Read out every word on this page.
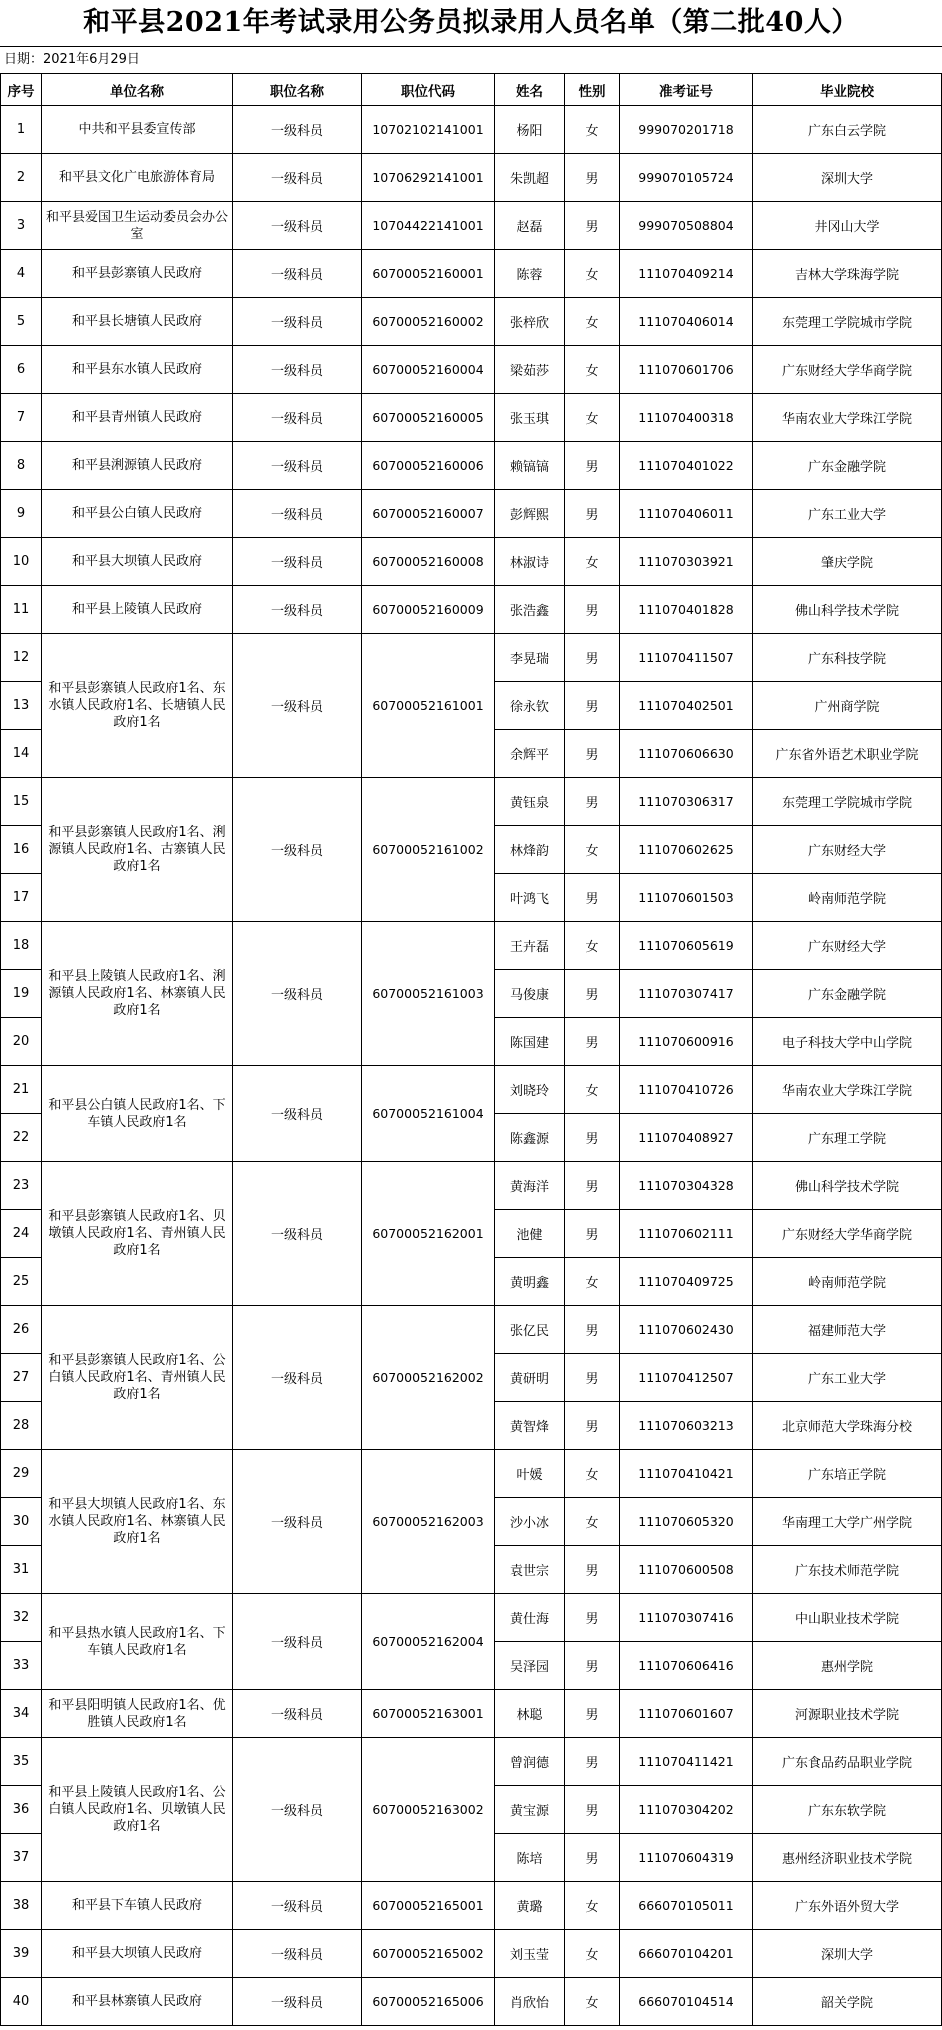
和平县2021年考试录用公务员拟录用人员名单（第二批40人）
日期：2021年6月29日
序号	单位名称	职位名称	职位代码	姓名	性别	准考证号	毕业院校
1	中共和平县委宣传部	一级科员	10702102141001	杨阳	女	999070201718	广东白云学院
2	和平县文化广电旅游体育局	一级科员	10706292141001	朱凯超	男	999070105724	深圳大学
3	和平县爱国卫生运动委员会办公室	一级科员	10704422141001	赵磊	男	999070508804	井冈山大学
4	和平县彭寨镇人民政府	一级科员	60700052160001	陈蓉	女	111070409214	吉林大学珠海学院
5	和平县长塘镇人民政府	一级科员	60700052160002	张梓欣	女	111070406014	东莞理工学院城市学院
6	和平县东水镇人民政府	一级科员	60700052160004	梁茹莎	女	111070601706	广东财经大学华商学院
7	和平县青州镇人民政府	一级科员	60700052160005	张玉琪	女	111070400318	华南农业大学珠江学院
8	和平县浰源镇人民政府	一级科员	60700052160006	赖镐镐	男	111070401022	广东金融学院
9	和平县公白镇人民政府	一级科员	60700052160007	彭辉熙	男	111070406011	广东工业大学
10	和平县大坝镇人民政府	一级科员	60700052160008	林淑诗	女	111070303921	肇庆学院
11	和平县上陵镇人民政府	一级科员	60700052160009	张浩鑫	男	111070401828	佛山科学技术学院
12	和平县彭寨镇人民政府1名、东水镇人民政府1名、长塘镇人民政府1名	一级科员	60700052161001	李晃瑞	男	111070411507	广东科技学院
13				徐永钦	男	111070402501	广州商学院
14				余辉平	男	111070606630	广东省外语艺术职业学院
15	和平县彭寨镇人民政府1名、浰源镇人民政府1名、古寨镇人民政府1名	一级科员	60700052161002	黄钰泉	男	111070306317	东莞理工学院城市学院
16				林烽韵	女	111070602625	广东财经大学
17				叶鸿飞	男	111070601503	岭南师范学院
18	和平县上陵镇人民政府1名、浰源镇人民政府1名、林寨镇人民政府1名	一级科员	60700052161003	王卉磊	女	111070605619	广东财经大学
19				马俊康	男	111070307417	广东金融学院
20				陈国建	男	111070600916	电子科技大学中山学院
21	和平县公白镇人民政府1名、下车镇人民政府1名	一级科员	60700052161004	刘晓玲	女	111070410726	华南农业大学珠江学院
22				陈鑫源	男	111070408927	广东理工学院
23	和平县彭寨镇人民政府1名、贝墩镇人民政府1名、青州镇人民政府1名	一级科员	60700052162001	黄海洋	男	111070304328	佛山科学技术学院
24				池健	男	111070602111	广东财经大学华商学院
25				黄明鑫	女	111070409725	岭南师范学院
26	和平县彭寨镇人民政府1名、公白镇人民政府1名、青州镇人民政府1名	一级科员	60700052162002	张亿民	男	111070602430	福建师范大学
27				黄研明	男	111070412507	广东工业大学
28				黄智烽	男	111070603213	北京师范大学珠海分校
29	和平县大坝镇人民政府1名、东水镇人民政府1名、林寨镇人民政府1名	一级科员	60700052162003	叶媛	女	111070410421	广东培正学院
30				沙小冰	女	111070605320	华南理工大学广州学院
31				袁世宗	男	111070600508	广东技术师范学院
32	和平县热水镇人民政府1名、下车镇人民政府1名	一级科员	60700052162004	黄仕海	男	111070307416	中山职业技术学院
33				吴泽园	男	111070606416	惠州学院
34	和平县阳明镇人民政府1名、优胜镇人民政府1名	一级科员	60700052163001	林聪	男	111070601607	河源职业技术学院
35	和平县上陵镇人民政府1名、公白镇人民政府1名、贝墩镇人民政府1名	一级科员	60700052163002	曾润德	男	111070411421	广东食品药品职业学院
36				黄宝源	男	111070304202	广东东软学院
37				陈培	男	111070604319	惠州经济职业技术学院
38	和平县下车镇人民政府	一级科员	60700052165001	黄璐	女	666070105011	广东外语外贸大学
39	和平县大坝镇人民政府	一级科员	60700052165002	刘玉莹	女	666070104201	深圳大学
40	和平县林寨镇人民政府	一级科员	60700052165006	肖欣怡	女	666070104514	韶关学院
